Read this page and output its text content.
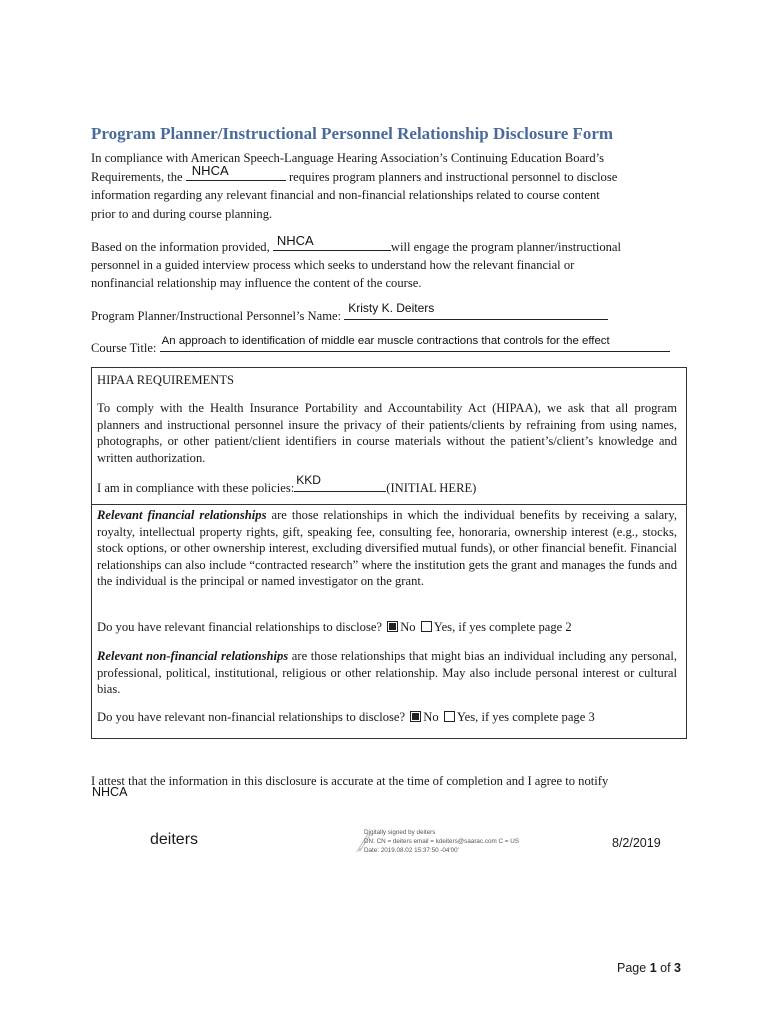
Program Planner/Instructional Personnel Relationship Disclosure Form
In compliance with American Speech-Language Hearing Association’s Continuing Education Board’s
Requirements, the NHCA	requires program planners and instructional personnel to disclose
information regarding any relevant financial and non-financial relationships related to course content
prior to and during course planning.
Based on the information provided, NHCA	will engage the program planner/instructional
personnel in a guided interview process which seeks to understand how the relevant financial or
nonfinancial relationship may influence the content of the course.
Program Planner/Instructional Personnel’s Name:
Kristy K. Deiters
Course Title: An approach to identification of middle ear muscle contractions that controls for the effect
HIPAA REQUIREMENTS
To comply with the Health Insurance Portability and Accountability Act (HIPAA), we ask that all program planners and instructional personnel insure the privacy of their patients/clients by refraining from using names, photographs, or other patient/client identifiers in course materials without the patient’s/client’s knowledge and written authorization.
I am in compliance with these policies:
KKD
(INITIAL HERE)
Relevant financial relationships are those relationships in which the individual benefits by receiving a salary, royalty, intellectual property rights, gift, speaking fee, consulting fee, honoraria, ownership interest (e.g., stocks, stock options, or other ownership interest, excluding diversified mutual funds), or other financial benefit. Financial relationships can also include “contracted research” where the institution gets the grant and manages the funds and the individual is the principal or named investigator on the grant.
Do you have relevant financial relationships to disclose? No Yes, if yes complete page 2
Relevant non-financial relationships are those relationships that might bias an individual including any personal, professional, political, institutional, religious or other relationship. May also include personal interest or cultural bias.
Do you have relevant non-financial relationships to disclose? No Yes, if yes complete page 3
I attest that the information in this disclosure is accurate at the time of completion and I agree to notify
NHCA
deiters	Digitally signed by deiters
DN: CN = deiters email = kdeiters@saarac.com C = US
Date: 2019.08.02 15:37:50 -04'00'
8/2/2019
Page 1 of 3
